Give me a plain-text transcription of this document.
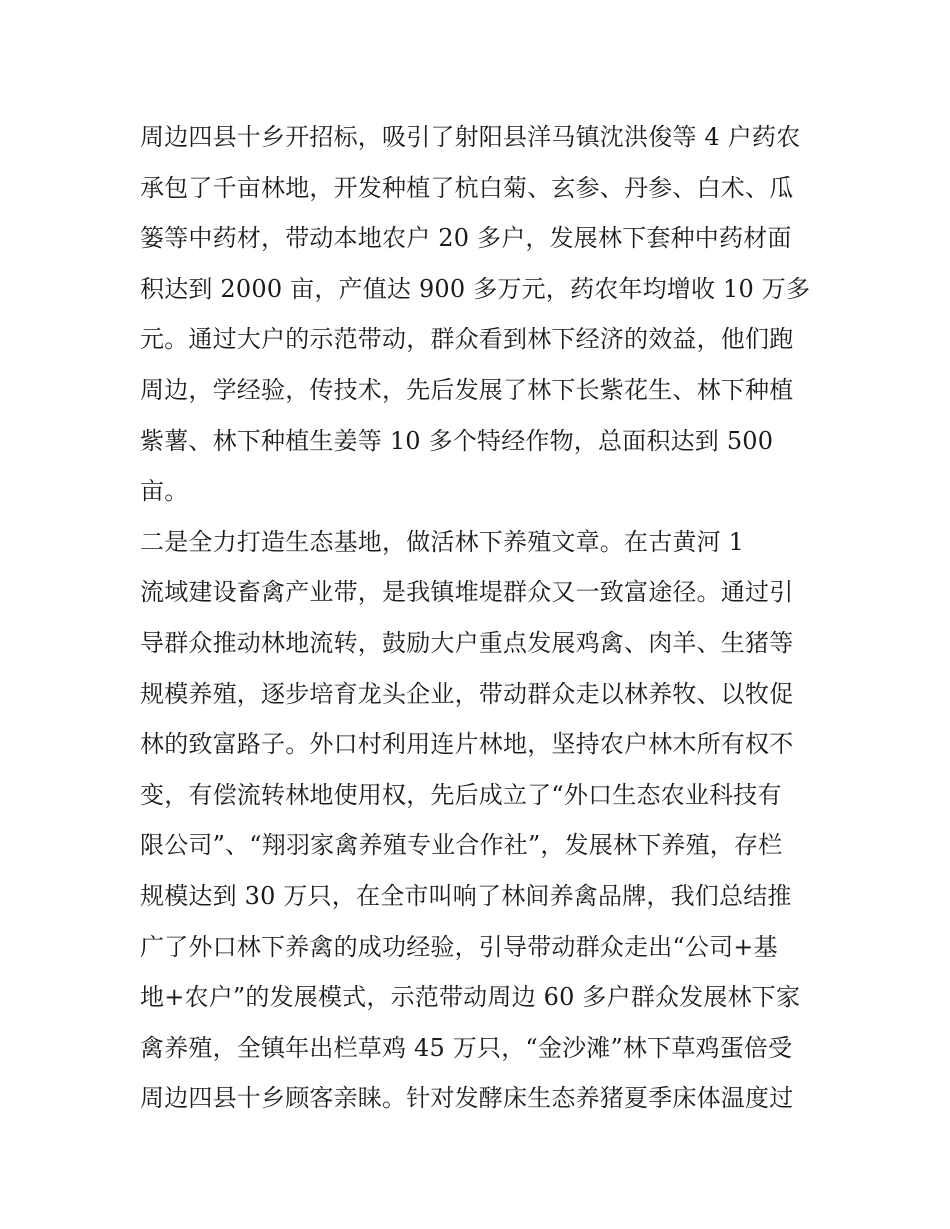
周边四县十乡开招标，吸引了射阳县洋马镇沈洪俊等 4 户药农
承包了千亩林地，开发种植了杭白菊、玄参、丹参、白术、瓜
篓等中药材，带动本地农户 20 多户，发展林下套种中药材面
积达到 2000 亩，产值达 900 多万元，药农年均增收 10 万多
元。通过大户的示范带动，群众看到林下经济的效益，他们跑
周边，学经验，传技术，先后发展了林下长紫花生、林下种植
紫薯、林下种植生姜等 10 多个特经作物，总面积达到 500
亩。
二是全力打造生态基地，做活林下养殖文章。在古黄河 1
流域建设畜禽产业带，是我镇堆堤群众又一致富途径。通过引
导群众推动林地流转，鼓励大户重点发展鸡禽、肉羊、生猪等
规模养殖，逐步培育龙头企业，带动群众走以林养牧、以牧促
林的致富路子。外口村利用连片林地，坚持农户林木所有权不
变，有偿流转林地使用权，先后成立了“外口生态农业科技有
限公司”、“翔羽家禽养殖专业合作社”，发展林下养殖，存栏
规模达到 30 万只，在全市叫响了林间养禽品牌，我们总结推
广了外口林下养禽的成功经验，引导带动群众走出“公司+基
地+农户”的发展模式，示范带动周边 60 多户群众发展林下家
禽养殖，全镇年出栏草鸡 45 万只，“金沙滩”林下草鸡蛋倍受
周边四县十乡顾客亲睐。针对发酵床生态养猪夏季床体温度过
